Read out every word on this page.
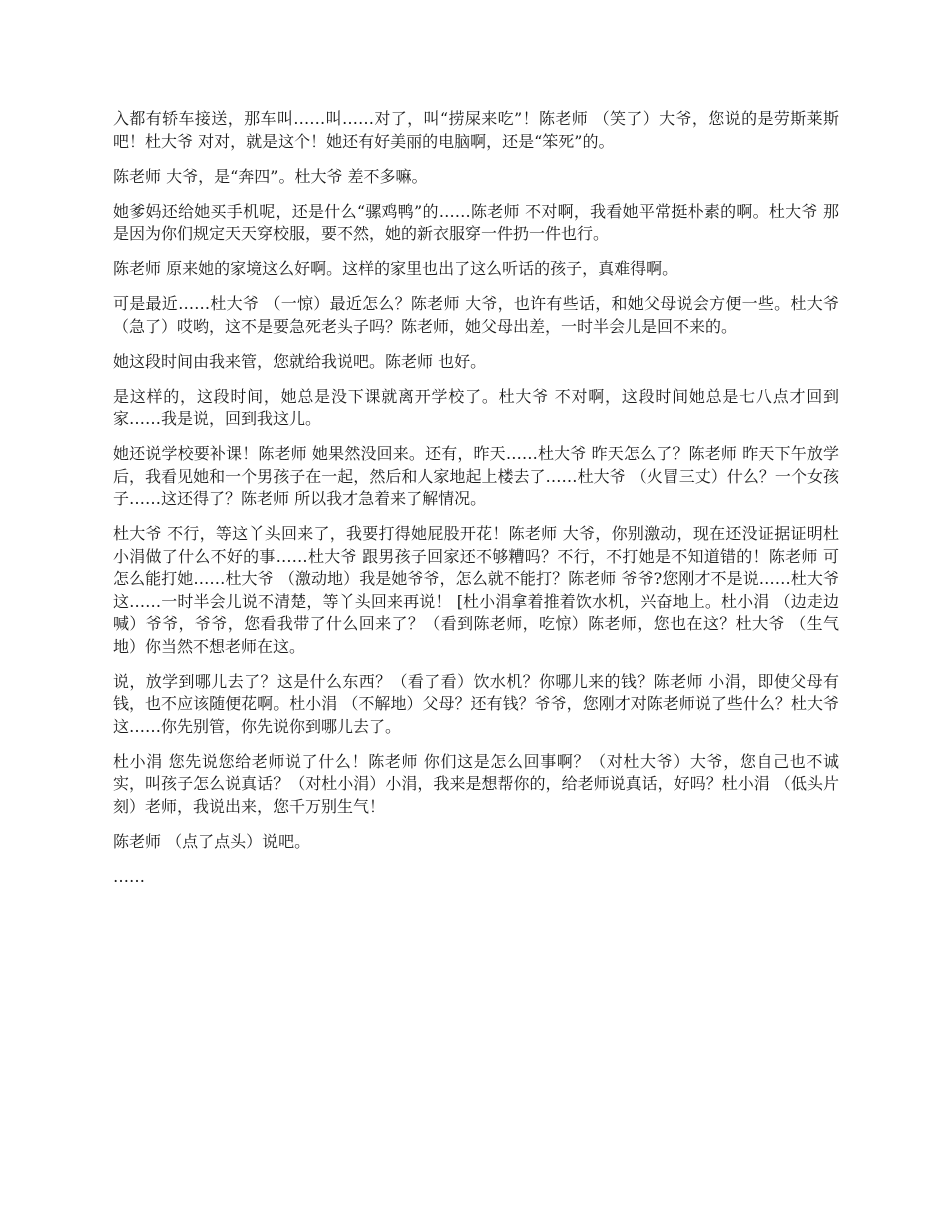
入都有轿车接送，那车叫……叫……对了，叫“捞屎来吃”！陈老师 （笑了）大爷，您说的是劳斯莱斯吧！杜大爷 对对，就是这个！她还有好美丽的电脑啊，还是“笨死”的。

陈老师 大爷，是“奔四”。杜大爷 差不多嘛。

她爹妈还给她买手机呢，还是什么“骡鸡鸭”的……陈老师 不对啊，我看她平常挺朴素的啊。杜大爷 那是因为你们规定天天穿校服，要不然，她的新衣服穿一件扔一件也行。

陈老师 原来她的家境这么好啊。这样的家里也出了这么听话的孩子，真难得啊。

可是最近……杜大爷 （一惊）最近怎么？陈老师 大爷，也许有些话，和她父母说会方便一些。杜大爷 （急了）哎哟，这不是要急死老头子吗？陈老师，她父母出差，一时半会儿是回不来的。

她这段时间由我来管，您就给我说吧。陈老师 也好。

是这样的，这段时间，她总是没下课就离开学校了。杜大爷 不对啊，这段时间她总是七八点才回到家……我是说，回到我这儿。

她还说学校要补课！陈老师 她果然没回来。还有，昨天……杜大爷 昨天怎么了？陈老师 昨天下午放学后，我看见她和一个男孩子在一起，然后和人家地起上楼去了……杜大爷 （火冒三丈）什么？一个女孩子……这还得了？陈老师 所以我才急着来了解情况。

杜大爷 不行，等这丫头回来了，我要打得她屁股开花！陈老师 大爷，你别激动，现在还没证据证明杜小涓做了什么不好的事……杜大爷 跟男孩子回家还不够糟吗？不行，不打她是不知道错的！陈老师 可怎么能打她……杜大爷 （激动地）我是她爷爷，怎么就不能打？陈老师 爷爷?您刚才不是说……杜大爷 这……一时半会儿说不清楚，等丫头回来再说！ [杜小涓拿着推着饮水机，兴奋地上。杜小涓 （边走边喊）爷爷，爷爷，您看我带了什么回来了？（看到陈老师，吃惊）陈老师，您也在这？杜大爷 （生气地）你当然不想老师在这。

说，放学到哪儿去了？这是什么东西？（看了看）饮水机？你哪儿来的钱？陈老师 小涓，即使父母有钱，也不应该随便花啊。杜小涓 （不解地）父母？还有钱？爷爷，您刚才对陈老师说了些什么？杜大爷 这……你先别管，你先说你到哪儿去了。

杜小涓 您先说您给老师说了什么！陈老师 你们这是怎么回事啊？（对杜大爷）大爷，您自己也不诚实，叫孩子怎么说真话？（对杜小涓）小涓，我来是想帮你的，给老师说真话，好吗？杜小涓 （低头片刻）老师，我说出来，您千万别生气！

陈老师 （点了点头）说吧。

……
